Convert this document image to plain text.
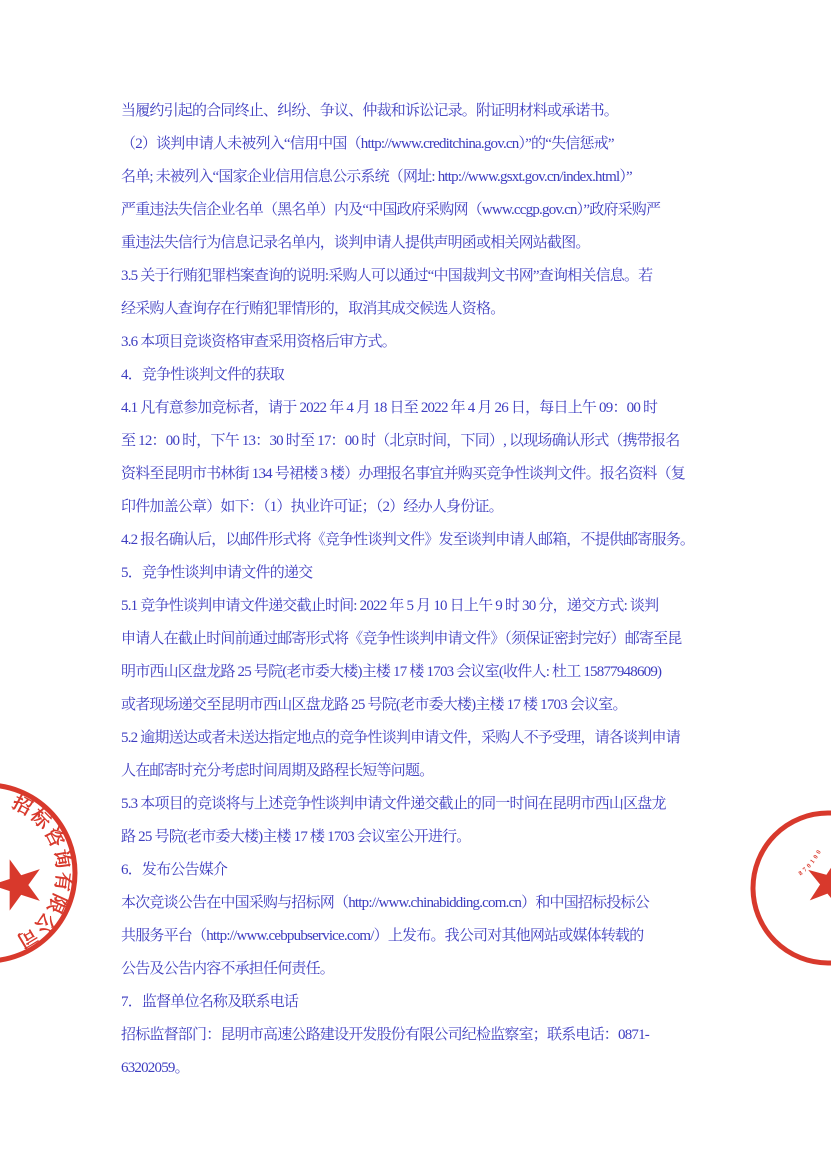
当履约引起的合同终止、纠纷、争议、仲裁和诉讼记录。附证明材料或承诺书。
（2）谈判申请人未被列入“信用中国（http://www.creditchina.gov.cn）”的“失信惩戒”
名单; 未被列入“国家企业信用信息公示系统（网址: http://www.gsxt.gov.cn/index.html）”
严重违法失信企业名单（黑名单）内及“中国政府采购网（www.ccgp.gov.cn）”政府采购严
重违法失信行为信息记录名单内，谈判申请人提供声明函或相关网站截图。
3.5 关于行贿犯罪档案查询的说明:采购人可以通过“中国裁判文书网”查询相关信息。若
经采购人查询存在行贿犯罪情形的，取消其成交候选人资格。
3.6 本项目竞谈资格审查采用资格后审方式。
4．竞争性谈判文件的获取
4.1 凡有意参加竞标者，请于 2022 年 4 月 18 日至 2022 年 4 月 26 日，每日上午 09：00 时
至 12：00 时，下午 13：30 时至 17：00 时（北京时间，下同）, 以现场确认形式（携带报名
资料至昆明市书林街 134 号裙楼 3 楼）办理报名事宜并购买竞争性谈判文件。报名资料（复
印件加盖公章）如下：（1）执业许可证；（2）经办人身份证。
4.2 报名确认后，以邮件形式将《竞争性谈判文件》发至谈判申请人邮箱，不提供邮寄服务。
5．竞争性谈判申请文件的递交
5.1 竞争性谈判申请文件递交截止时间: 2022 年 5 月 10 日上午 9 时 30 分，递交方式: 谈判
申请人在截止时间前通过邮寄形式将《竞争性谈判申请文件》（须保证密封完好）邮寄至昆
明市西山区盘龙路 25 号院(老市委大楼)主楼 17 楼 1703 会议室(收件人: 杜工 15877948609)
或者现场递交至昆明市西山区盘龙路 25 号院(老市委大楼)主楼 17 楼 1703 会议室。
5.2 逾期送达或者未送达指定地点的竞争性谈判申请文件，采购人不予受理，请各谈判申请
人在邮寄时充分考虑时间周期及路程长短等问题。
5.3 本项目的竞谈将与上述竞争性谈判申请文件递交截止的同一时间在昆明市西山区盘龙
路 25 号院(老市委大楼)主楼 17 楼 1703 会议室公开进行。
6．发布公告媒介
本次竞谈公告在中国采购与招标网（http://www.chinabidding.com.cn）和中国招标投标公
共服务平台（http://www.cebpubservice.com/）上发布。我公司对其他网站或媒体转载的
公告及公告内容不承担任何责任。
7．监督单位名称及联系电话
招标监督部门：昆明市高速公路建设开发股份有限公司纪检监察室；联系电话：0871-
63202059。
招标咨询有限公司
870100
